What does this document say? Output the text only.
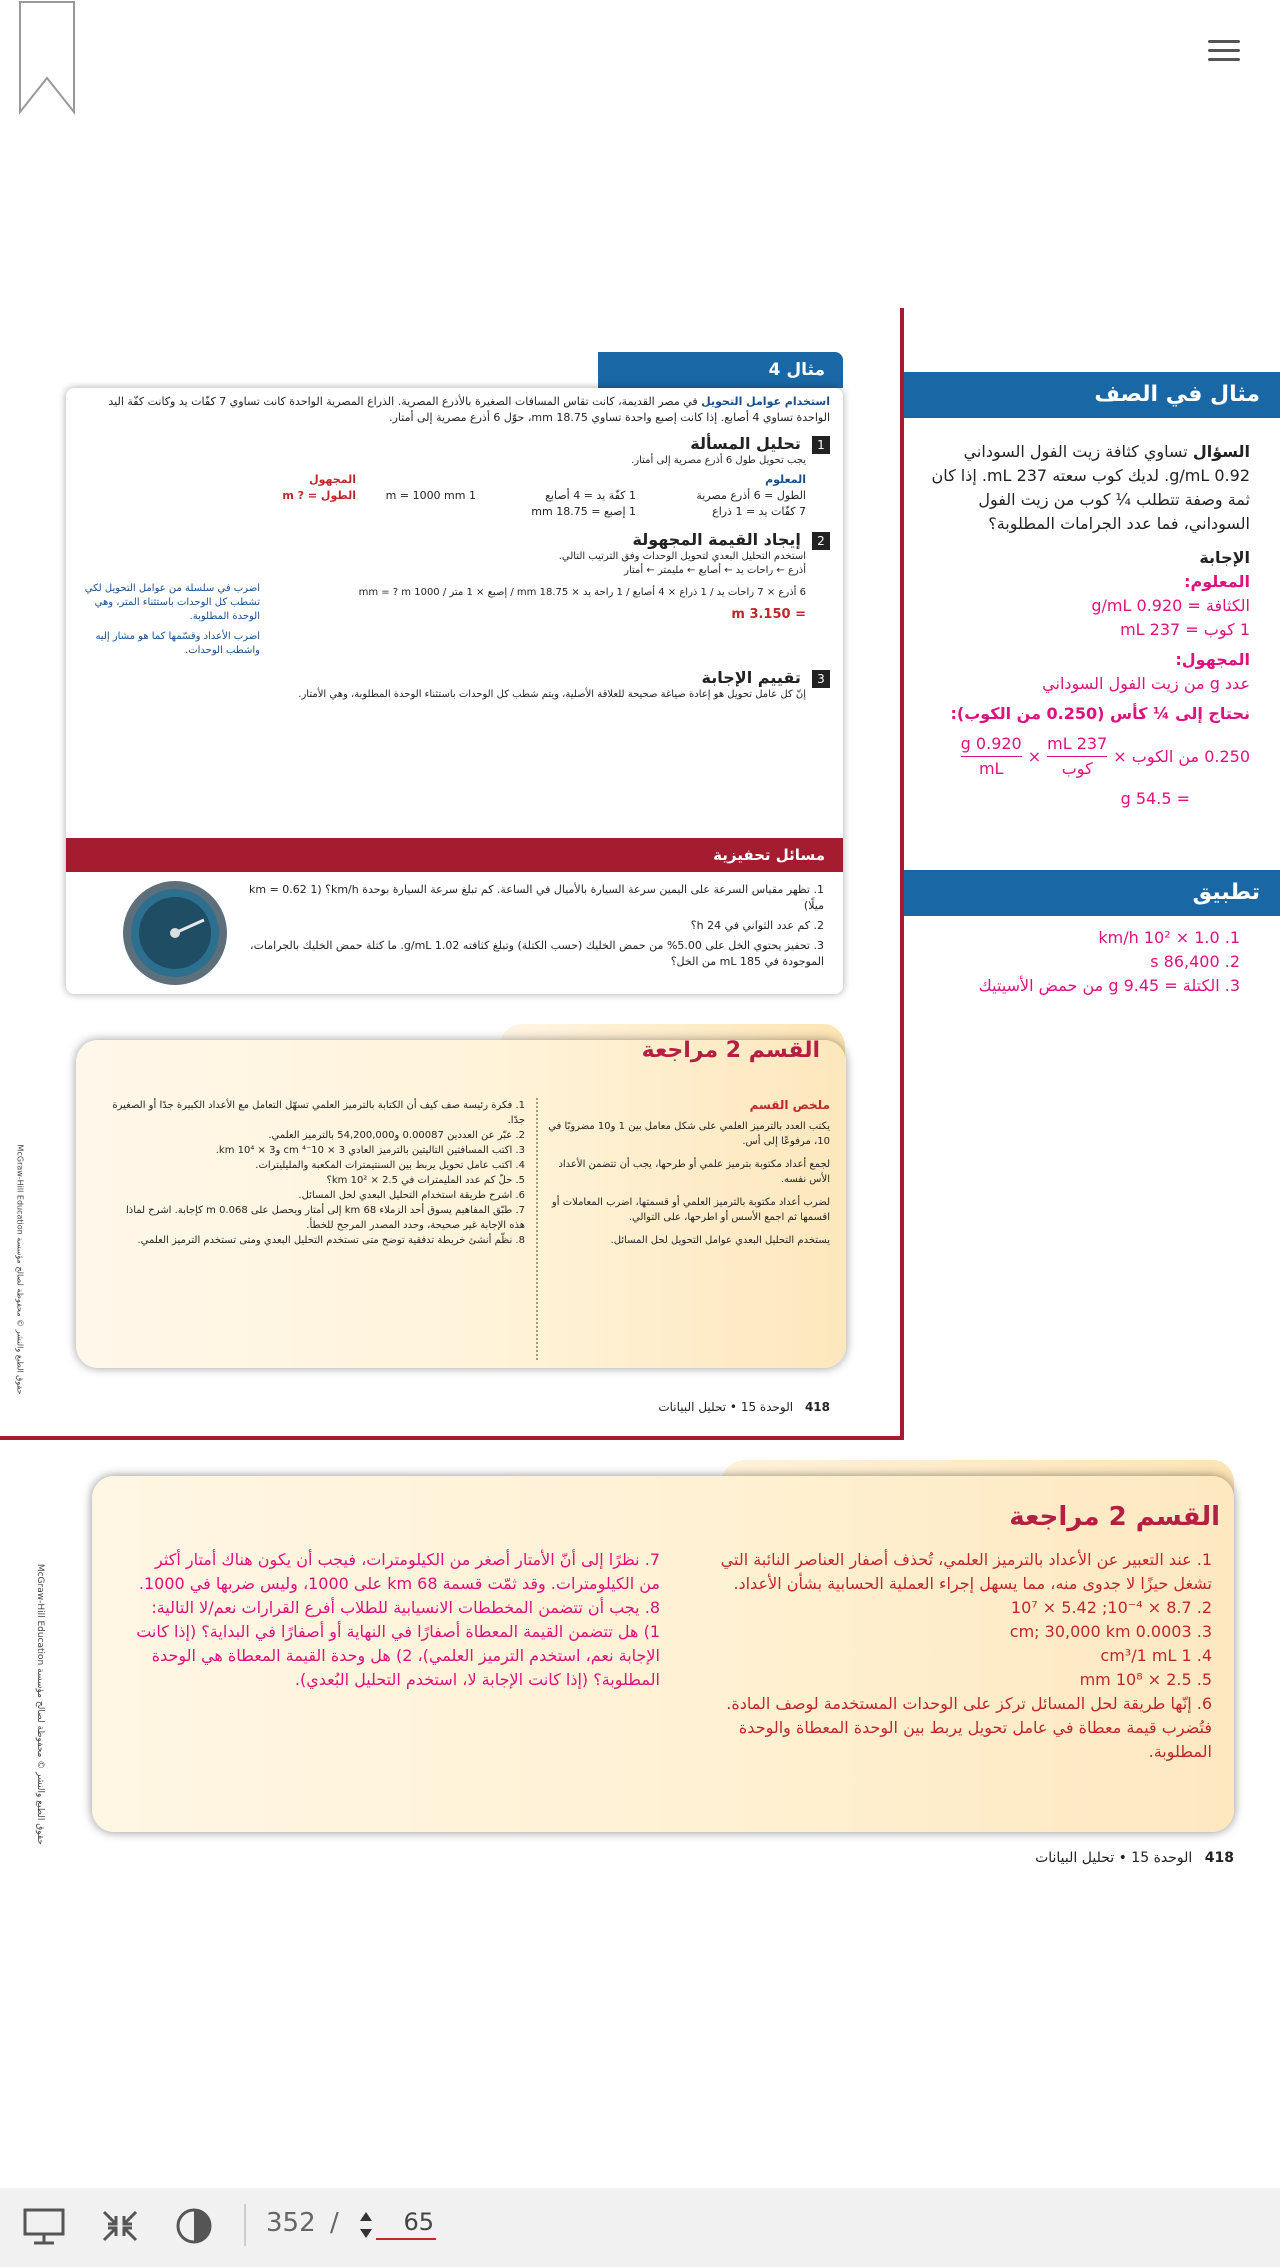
مثال في الصف
السؤال تساوي كثافة زيت الفول السوداني 0.92 g/mL. لديك كوب سعته 237 mL. إذا كان ثمة وصفة تتطلب ¼ كوب من زيت الفول السوداني، فما عدد الجرامات المطلوبة؟
الإجابة
المعلوم:
الكثافة = 0.920 g/mL
1 كوب = 237 mL
المجهول:
عدد g من زيت الفول السوداني
نحتاج إلى ¼ كأس (0.250 من الكوب):
0.250 من الكوب ×
237 mL
كوب
×
$\frac{0.920 g}{mL}$
= 54.5 g
تطبيق
1. 1.0 × 10² km/h
2. 86,400 s
3. الكتلة = 9.45 g من حمض الأسيتيك
مثال 4
استخدام عوامل التحويل في مصر القديمة، كانت تقاس المسافات الصغيرة بالأذرع المصرية. الذراع المصرية الواحدة كانت تساوي 7 كفّات يد وكانت كفّة اليد الواحدة تساوي 4 أصابع. إذا كانت إصبع واحدة تساوي 18.75 mm، حوّل 6 أذرع مصرية إلى أمتار.
1 تحليل المسألة
يجب تحويل طول 6 أذرع مصرية إلى أمتار.
المعلوم
الطول = 6 أذرع مصرية
7 كفّات يد = 1 ذراع

1 كفّة يد = 4 أصابع
1 إصبع = 18.75 mm

1 m = 1000 mm
المجهول
الطول = ? m
2 إيجاد القيمة المجهولة
استخدم التحليل البعدي لتحويل الوحدات وفق الترتيب التالي.
أذرع ← راحات يد ← أصابع ← مليمتر ← أمتار
6 أذرع × 7 راحات يد / 1 ذراع × 4 أصابع / 1 راحة يد × 18.75 mm / إصبع × 1 متر / 1000 mm = ? m
= 3.150 m
اضرب في سلسلة من عوامل التحويل لكي تشطب كل الوحدات باستثناء المتر، وهي الوحدة المطلوبة.
اضرب الأعداد وقسّمها كما هو مشار إليه واشطب الوحدات.
3 تقييم الإجابة
إنّ كل عامل تحويل هو إعادة صياغة صحيحة للعلاقة الأصلية، ويتم شطب كل الوحدات باستثناء الوحدة المطلوبة، وهي الأمتار.
مسائل تحفيزية
1. تظهر مقياس السرعة على اليمين سرعة السيارة بالأميال في الساعة. كم تبلغ سرعة السيارة بوحدة km/h؟ (1 km = 0.62 ميلًا)
2. كم عدد الثواني في 24 h؟
3. تحفيز يحتوي الخل على 5.00% من حمض الخليك (حسب الكتلة) وتبلغ كثافته 1.02 g/mL. ما كتلة حمض الخليك بالجرامات، الموجودة في 185 mL من الخل؟
القسم 2 مراجعة
ملخص القسم
يكتب العدد بالترميز العلمي على شكل معامل بين 1 و10 مضروبًا في 10، مرفوعًا إلى أس.
لجمع أعداد مكتوبة بترميز علمي أو طرحها، يجب أن تتضمن الأعداد الأس نفسه.
لضرب أعداد مكتوبة بالترميز العلمي أو قسمتها، اضرب المعاملات أو اقسمها ثم اجمع الأسس أو اطرحها، على التوالي.
يستخدم التحليل البعدي عوامل التحويل لحل المسائل.
1. فكرة رئيسة صف كيف أن الكتابة بالترميز العلمي تسهّل التعامل مع الأعداد الكبيرة جدًا أو الصغيرة جدًا.
2. عبّر عن العددين 0.00087 و54,200,000 بالترميز العلمي.
3. اكتب المسافتين التاليتين بالترميز العادي 3 × 10⁻⁴ cm و3 × 10⁴ km.
4. اكتب عامل تحويل يربط بين السنتيمترات المكعبة والمليليترات.
5. حلّ كم عدد المليمترات في 2.5 × 10² km؟
6. اشرح طريقة استخدام التحليل البعدي لحل المسائل.
7. طبّق المفاهيم يسوق أحد الزملاء 68 km إلى أمتار ويحصل على 0.068 m كإجابة. اشرح لماذا هذه الإجابة غير صحيحة، وحدد المصدر المرجح للخطأ.
8. نظّم أنشئ خريطة تدفقية توضح متى تستخدم التحليل البعدي ومتى تستخدم الترميز العلمي.
418 الوحدة 15 • تحليل البيانات
حقوق الطبع والنشر © محفوظة لصالح مؤسسة McGraw-Hill Education
القسم 2 مراجعة
1. عند التعبير عن الأعداد بالترميز العلمي، تُحذف أصفار العناصر النائبة التي تشغل حيزًا لا جدوى منه، مما يسهل إجراء العملية الحسابية بشأن الأعداد.
2. 8.7 × 10⁻⁴; 5.42 × 10⁷
3. 0.0003 cm; 30,000 km
4. 1 cm³/1 mL
5. 2.5 × 10⁸ mm
6. إنّها طريقة لحل المسائل تركز على الوحدات المستخدمة لوصف المادة. فتُضرب قيمة معطاة في عامل تحويل يربط بين الوحدة المعطاة والوحدة المطلوبة.
7. نظرًا إلى أنّ الأمتار أصغر من الكيلومترات، فيجب أن يكون هناك أمتار أكثر من الكيلومترات. وقد ثمّت قسمة 68 km على 1000، وليس ضربها في 1000.
8. يجب أن تتضمن المخططات الانسيابية للطلاب أفرع القرارات نعم/لا التالية: 1) هل تتضمن القيمة المعطاة أصفارًا في النهاية أو أصفارًا في البداية؟ (إذا كانت الإجابة نعم، استخدم الترميز العلمي)، 2) هل وحدة القيمة المعطاة هي الوحدة المطلوبة؟ (إذا كانت الإجابة لا، استخدم التحليل البُعدي).
418 الوحدة 15 • تحليل البيانات
حقوق الطبع والنشر © محفوظة لصالح مؤسسة McGraw-Hill Education
352 /
65
